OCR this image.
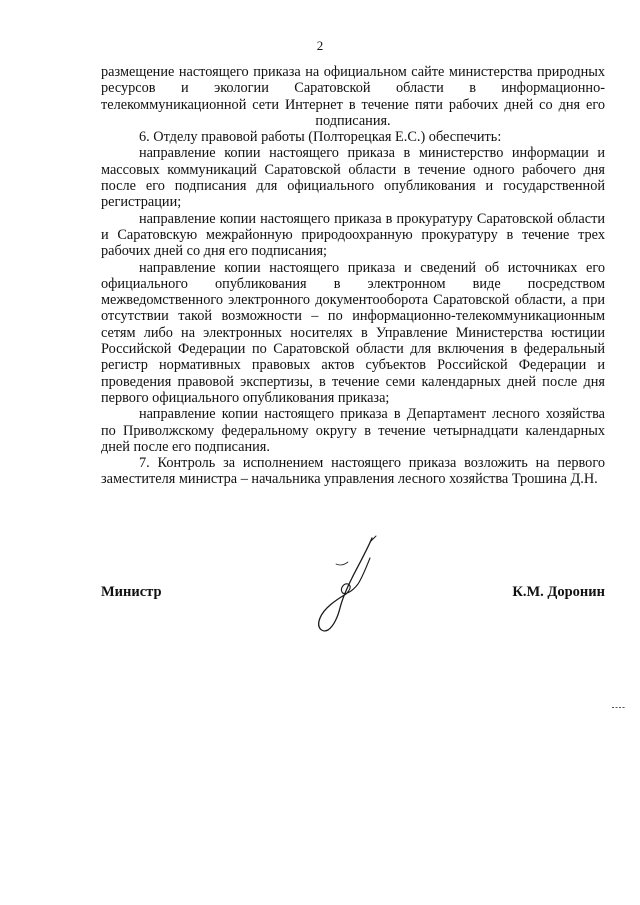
2

размещение настоящего приказа на официальном сайте министерства природных ресурсов и экологии Саратовской области в информационно-телекоммуникационной сети Интернет в течение пяти рабочих дней со дня его подписания.

6. Отделу правовой работы (Полторецкая Е.С.) обеспечить:

направление копии настоящего приказа в министерство информации и массовых коммуникаций Саратовской области в течение одного рабочего дня после его подписания для официального опубликования и государственной регистрации;

направление копии настоящего приказа в прокуратуру Саратовской области и Саратовскую межрайонную природоохранную прокуратуру в течение трех рабочих дней со дня его подписания;

направление копии настоящего приказа и сведений об источниках его официального опубликования в электронном виде посредством межведомственного электронного документооборота Саратовской области, а при отсутствии такой возможности – по информационно-телекоммуникационным сетям либо на электронных носителях в Управление Министерства юстиции Российской Федерации по Саратовской области для включения в федеральный регистр нормативных правовых актов субъектов Российской Федерации и проведения правовой экспертизы, в течение семи календарных дней после дня первого официального опубликования приказа;

направление копии настоящего приказа в Департамент лесного хозяйства по Приволжскому федеральному округу в течение четырнадцати календарных дней после его подписания.

7. Контроль за исполнением настоящего приказа возложить на первого заместителя министра – начальника управления лесного хозяйства Трошина Д.Н.

Министр	К.М. Доронин
